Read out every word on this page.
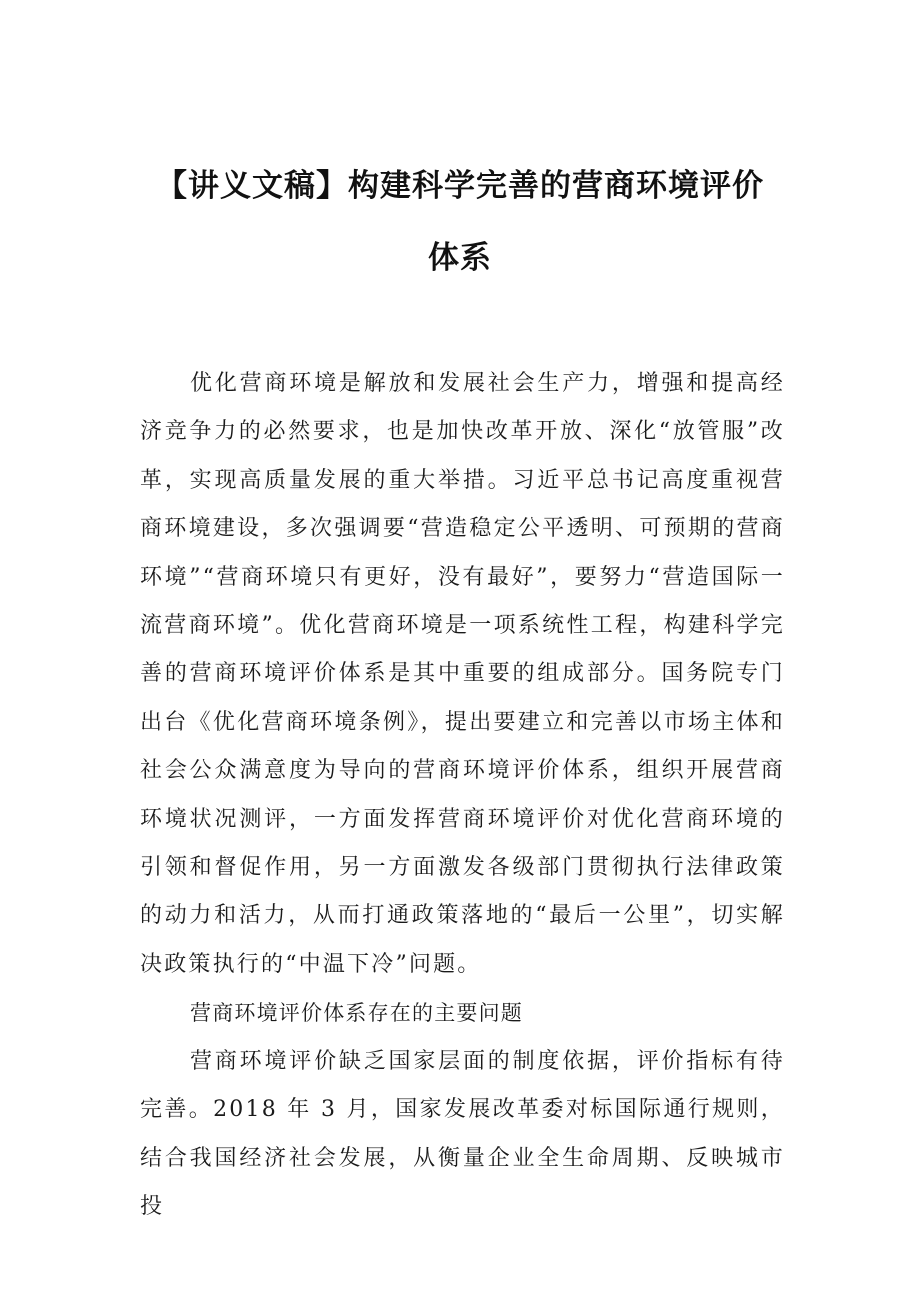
【讲义文稿】构建科学完善的营商环境评价
体系

优化营商环境是解放和发展社会生产力，增强和提高经济竞争力的必然要求，也是加快改革开放、深化“放管服”改革，实现高质量发展的重大举措。习近平总书记高度重视营商环境建设，多次强调要“营造稳定公平透明、可预期的营商环境”“营商环境只有更好，没有最好”，要努力“营造国际一流营商环境”。优化营商环境是一项系统性工程，构建科学完善的营商环境评价体系是其中重要的组成部分。国务院专门出台《优化营商环境条例》，提出要建立和完善以市场主体和社会公众满意度为导向的营商环境评价体系，组织开展营商环境状况测评，一方面发挥营商环境评价对优化营商环境的引领和督促作用，另一方面激发各级部门贯彻执行法律政策的动力和活力，从而打通政策落地的“最后一公里”，切实解决政策执行的“中温下冷”问题。

营商环境评价体系存在的主要问题

营商环境评价缺乏国家层面的制度依据，评价指标有待完善。2018 年 3 月，国家发展改革委对标国际通行规则，结合我国经济社会发展，从衡量企业全生命周期、反映城市投
